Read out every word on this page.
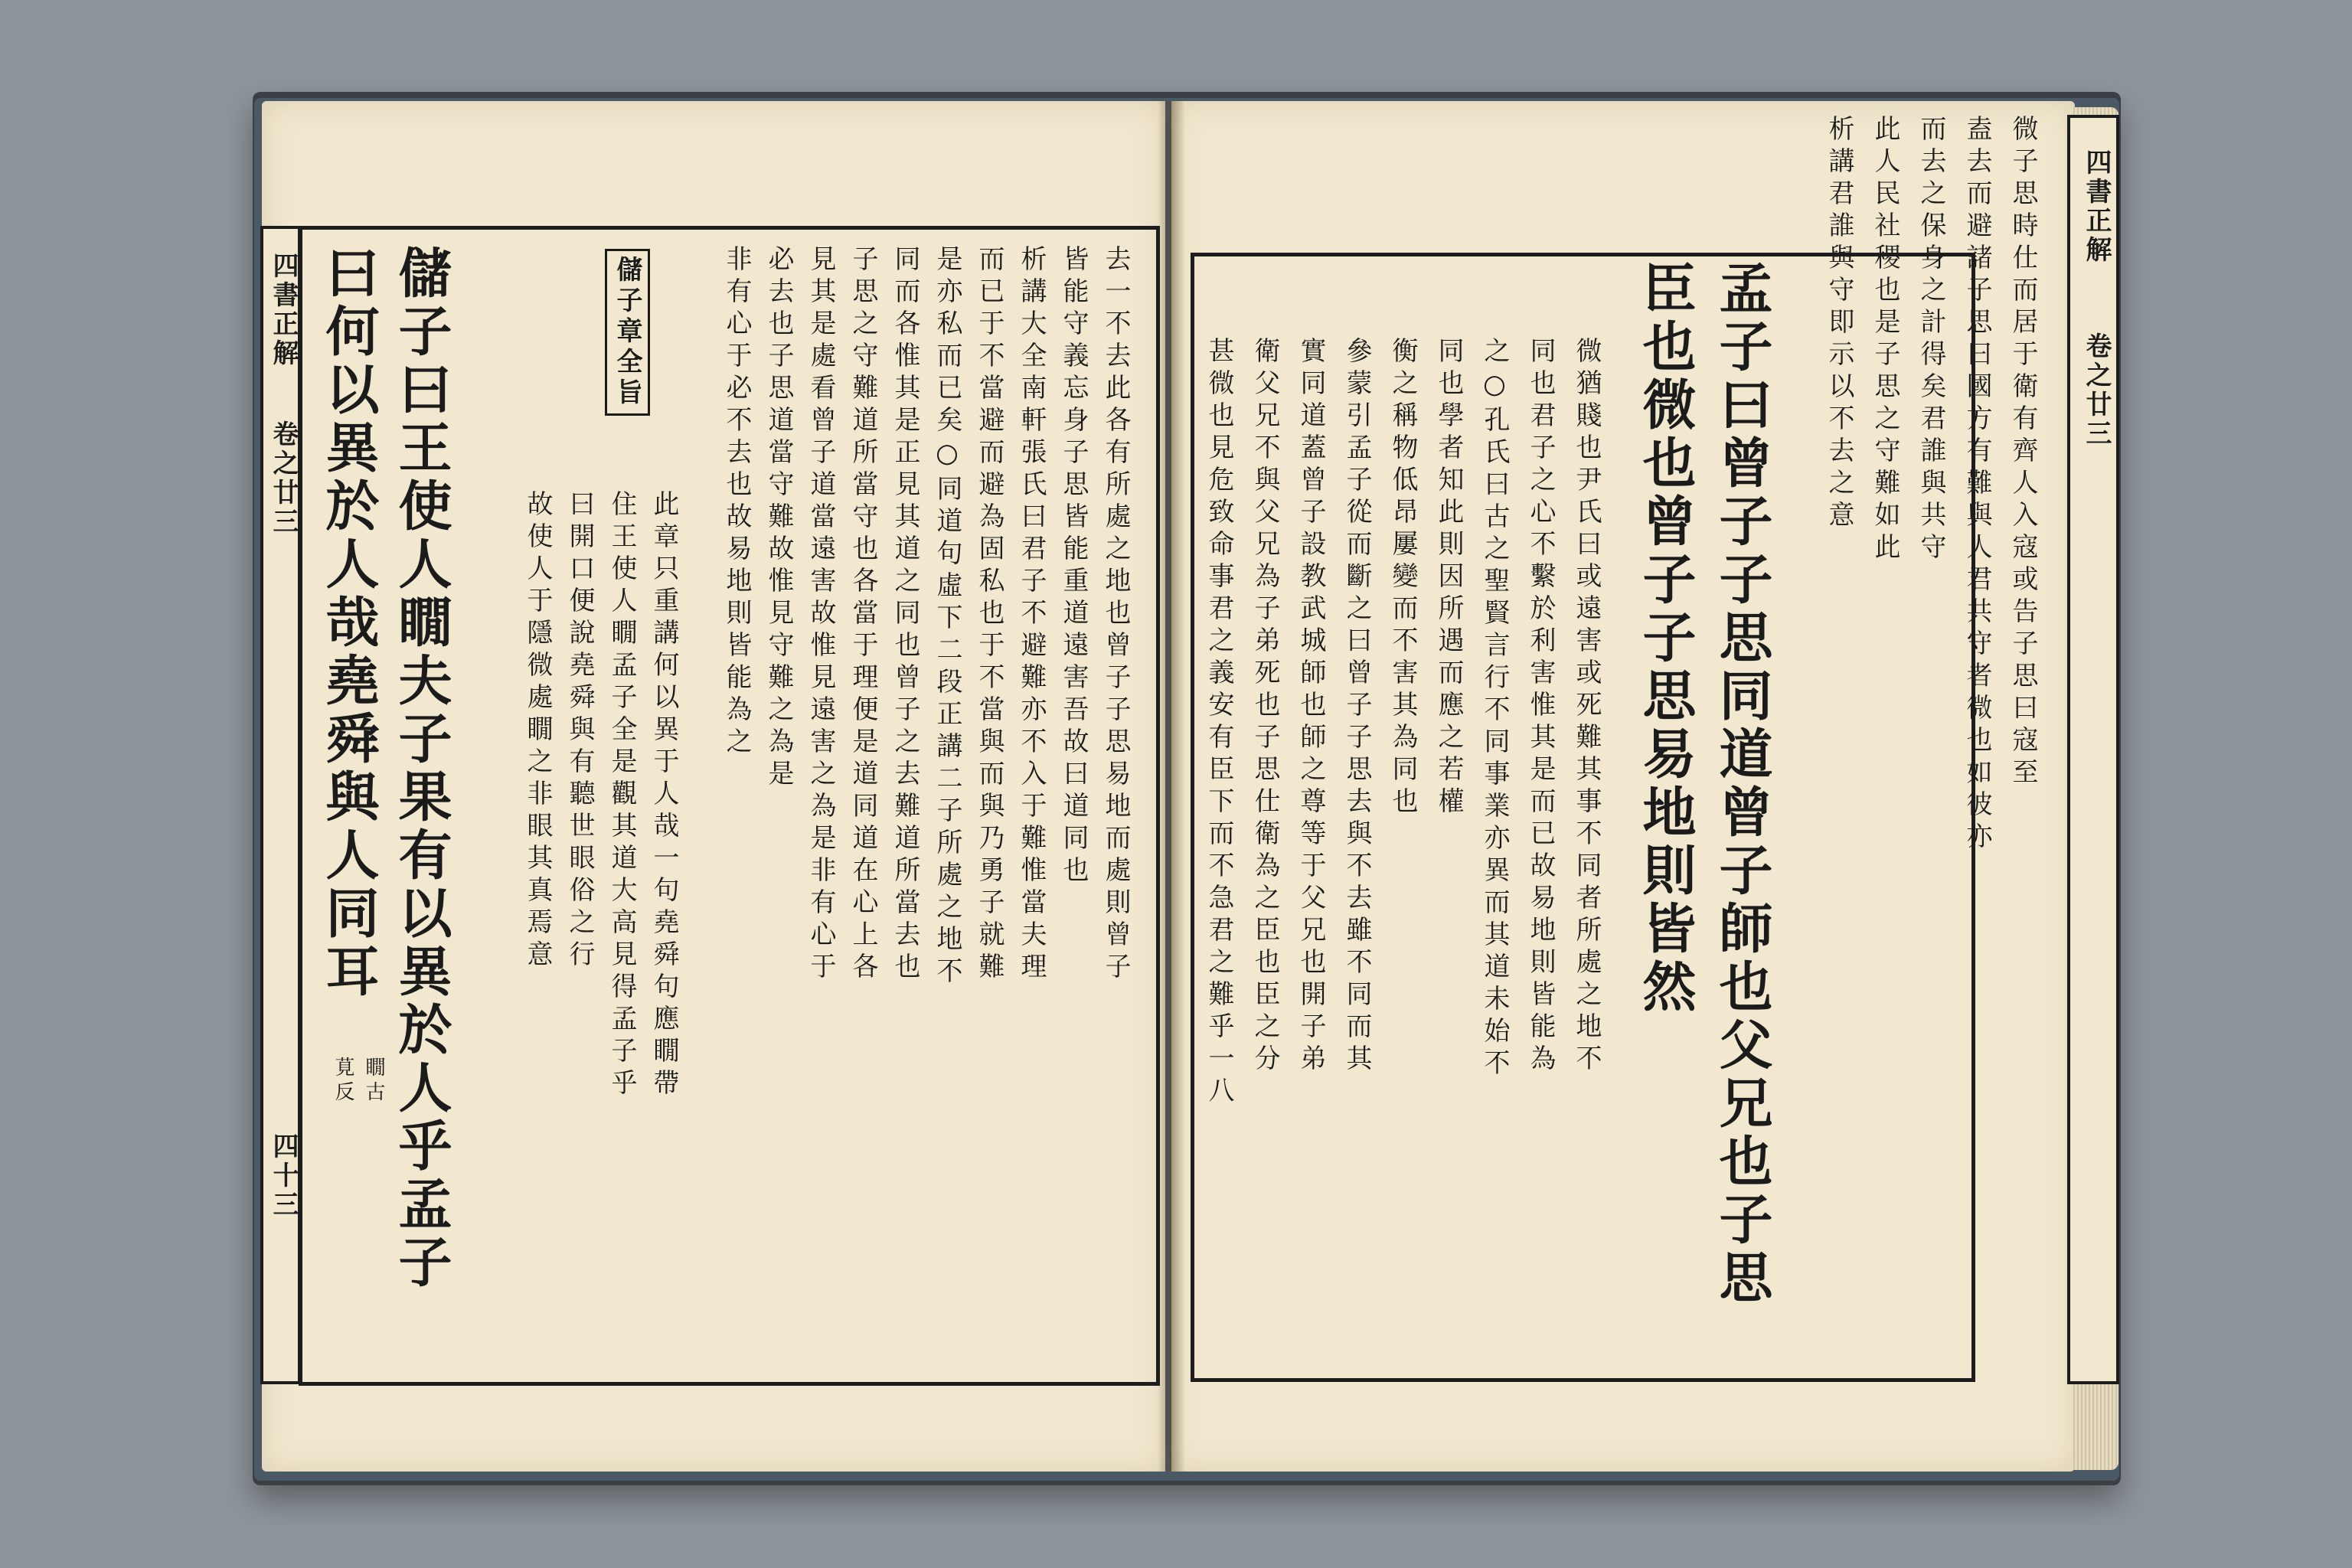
四書正解
卷之廿三
四十三 儲子曰王使人瞯夫子果有以異於人乎孟子
曰何以異於人哉堯舜與人同耳
瞯古
莧反
儲子章全旨	去一不去此各有所處之地也曾子子思易地而處則曾子
皆能守義忘身子思皆能重道遠害吾故曰道同也
析講大全南軒張氏曰君子不避難亦不入于難惟當夫理
而已于不當避而避為固私也于不當與而與乃勇子就難
是亦私而已矣○同道句虛下二段正講二子所處之地不
同而各惟其是正見其道之同也曾子之去難道所當去也
子思之守難道所當守也各當于理便是道同道在心上各
見其是處看曾子道當遠害故惟見遠害之為是非有心于
必去也子思道當守難故惟見守難之為是
非有心于必不去也故易地則皆能為之
此章只重講何以異于人哉一句堯舜句應瞯帶
住王使人瞯孟子全是觀其道大高見得孟子乎
曰開口便說堯舜與有聽世眼俗之行
故使人于隱微處瞯之非眼其真焉意
四書正解
卷之廿三
微子思時仕而居于衛有齊人入寇或告子思曰寇至
盍去而避諸子思曰國方有難與人君共守者微也如彼亦
而去之保身之計得矣君誰與共守
此人民社稷也是子思之守難如此
析講君誰與守即示以不去之意
孟子曰曾子子思同道曾子師也父兄也子思
臣也微也曾子子思易地則皆然
微猶賤也尹氏曰或遠害或死難其事不同者所處之地不
同也君子之心不繫於利害惟其是而已故易地則皆能為
之○孔氏曰古之聖賢言行不同事業亦異而其道未始不
同也學者知此則因所遇而應之若權
衡之稱物低昂屢變而不害其為同也
參蒙引孟子從而斷之曰曾子子思去與不去雖不同而其
實同道蓋曾子設教武城師也師之尊等于父兄也開子弟
衛父兄不與父兄為子弟死也子思仕衛為之臣也臣之分
甚微也見危致命事君之義安有臣下而不急君之難乎一八
